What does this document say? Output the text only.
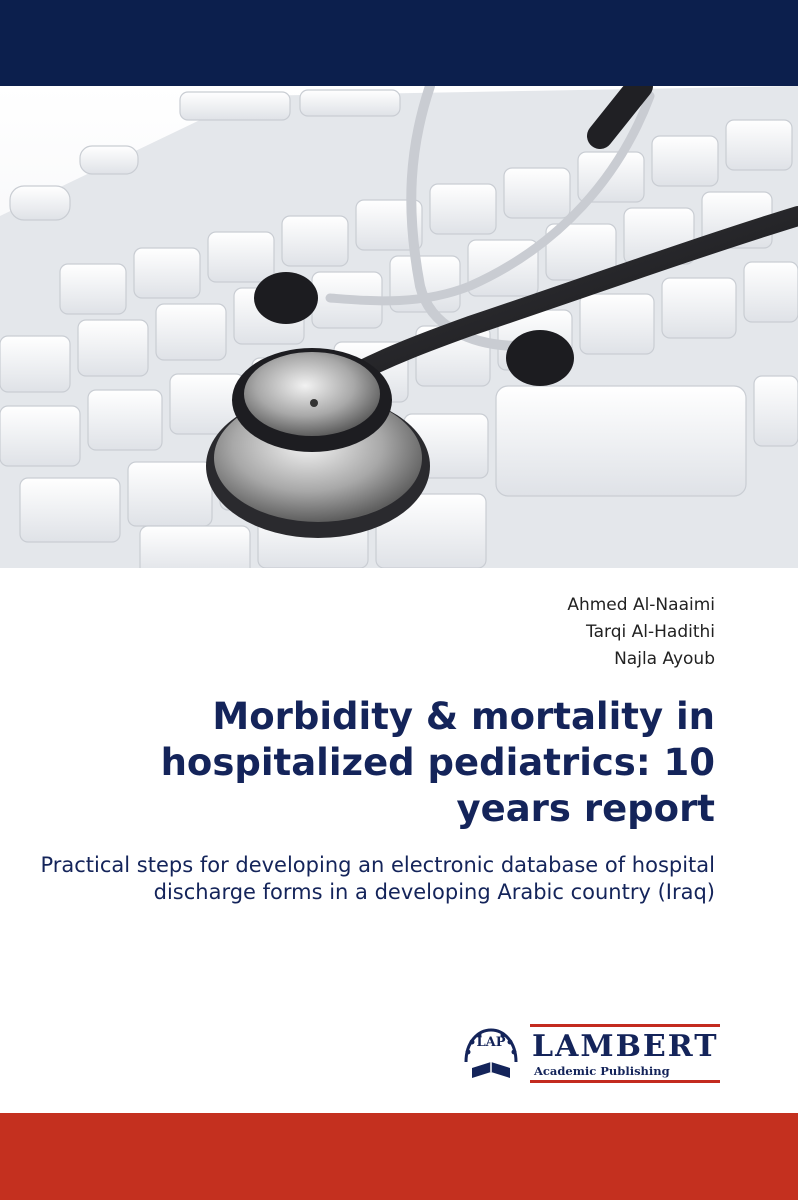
Ahmed Al-Naaimi
Tarqi Al-Hadithi
Najla Ayoub
Morbidity & mortality in hospitalized pediatrics: 10 years report
Practical steps for developing an electronic database of hospital discharge forms in a developing Arabic country (Iraq)
LAP LAMBERT
Academic Publishing
